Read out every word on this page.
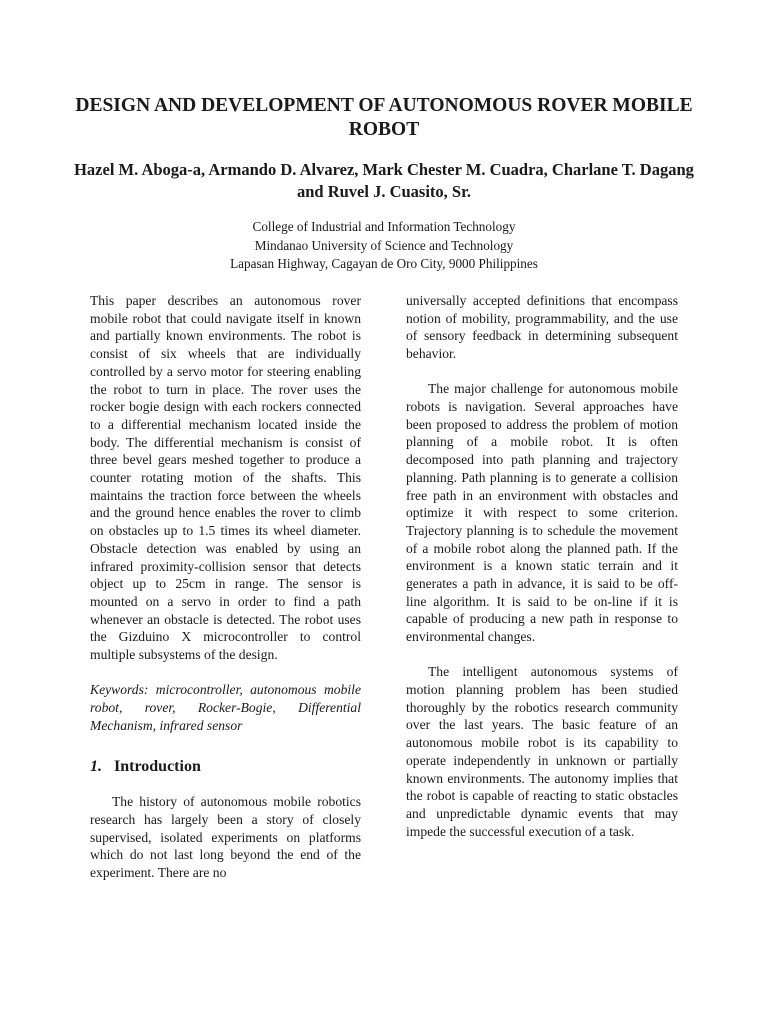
DESIGN AND DEVELOPMENT OF AUTONOMOUS ROVER MOBILE ROBOT

Hazel M. Aboga-a, Armando D. Alvarez, Mark Chester M. Cuadra, Charlane T. Dagang and Ruvel J. Cuasito, Sr.

College of Industrial and Information Technology
Mindanao University of Science and Technology
Lapasan Highway, Cagayan de Oro City, 9000 Philippines

This paper describes an autonomous rover mobile robot that could navigate itself in known and partially known environments. The robot is consist of six wheels that are individually controlled by a servo motor for steering enabling the robot to turn in place. The rover uses the rocker bogie design with each rockers connected to a differential mechanism located inside the body. The differential mechanism is consist of three bevel gears meshed together to produce a counter rotating motion of the shafts. This maintains the traction force between the wheels and the ground hence enables the rover to climb on obstacles up to 1.5 times its wheel diameter. Obstacle detection was enabled by using an infrared proximity-collision sensor that detects object up to 25cm in range. The sensor is mounted on a servo in order to find a path whenever an obstacle is detected. The robot uses the Gizduino X microcontroller to control multiple subsystems of the design.

Keywords: microcontroller, autonomous mobile robot, rover, Rocker-Bogie, Differential Mechanism, infrared sensor

1. Introduction

The history of autonomous mobile robotics research has largely been a story of closely supervised, isolated experiments on platforms which do not last long beyond the end of the experiment. There are no

universally accepted definitions that encompass notion of mobility, programmability, and the use of sensory feedback in determining subsequent behavior.

The major challenge for autonomous mobile robots is navigation. Several approaches have been proposed to address the problem of motion planning of a mobile robot. It is often decomposed into path planning and trajectory planning. Path planning is to generate a collision free path in an environment with obstacles and optimize it with respect to some criterion. Trajectory planning is to schedule the movement of a mobile robot along the planned path. If the environment is a known static terrain and it generates a path in advance, it is said to be off-line algorithm. It is said to be on-line if it is capable of producing a new path in response to environmental changes.

The intelligent autonomous systems of motion planning problem has been studied thoroughly by the robotics research community over the last years. The basic feature of an autonomous mobile robot is its capability to operate independently in unknown or partially known environments. The autonomy implies that the robot is capable of reacting to static obstacles and unpredictable dynamic events that may impede the successful execution of a task.
